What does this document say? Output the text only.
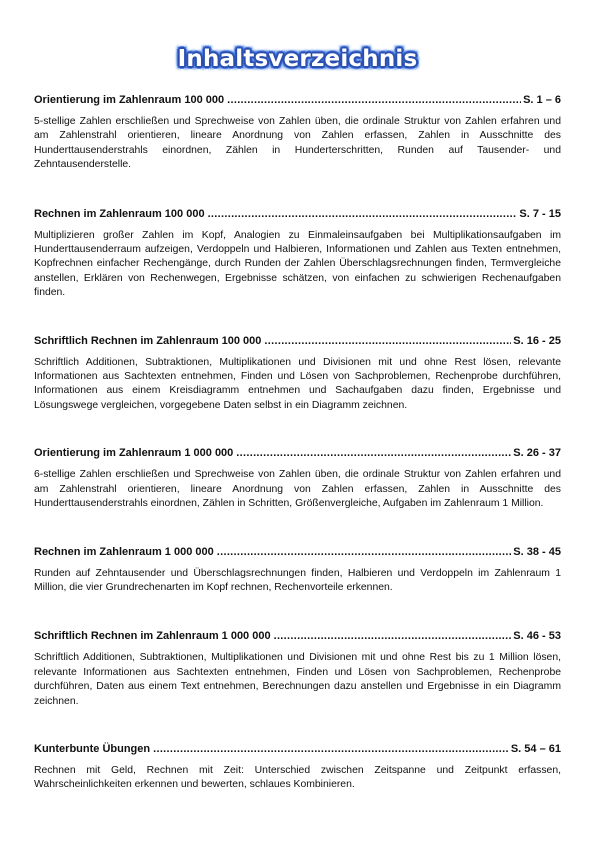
Inhaltsverzeichnis
Orientierung im Zahlenraum 100 000 .....	S. 1 – 6
5-stellige Zahlen erschließen und Sprechweise von Zahlen üben, die ordinale Struktur von Zahlen erfahren und am Zahlenstrahl orientieren, lineare Anordnung von Zahlen erfassen, Zahlen in Ausschnitte des Hunderttausenderstrahls einordnen, Zählen in Hunderterschritten, Runden auf Tausender- und Zehntausenderstelle.
Rechnen im Zahlenraum 100 000 .....	S. 7 - 15
Multiplizieren großer Zahlen im Kopf, Analogien zu Einmaleinsaufgaben bei Multiplikationsaufgaben im Hunderttausenderraum aufzeigen, Verdoppeln und Halbieren, Informationen und Zahlen aus Texten entnehmen, Kopfrechnen einfacher Rechengänge, durch Runden der Zahlen Überschlagsrechnungen finden, Termvergleiche anstellen, Erklären von Rechenwegen, Ergebnisse schätzen, von einfachen zu schwierigen Rechenaufgaben finden.
Schriftlich Rechnen im Zahlenraum 100 000 .....	S. 16 - 25
Schriftlich Additionen, Subtraktionen, Multiplikationen und Divisionen mit und ohne Rest lösen, relevante Informationen aus Sachtexten entnehmen, Finden und Lösen von Sachproblemen, Rechenprobe durchführen, Informationen aus einem Kreisdiagramm entnehmen und Sachaufgaben dazu finden, Ergebnisse und Lösungswege vergleichen, vorgegebene Daten selbst in ein Diagramm zeichnen.
Orientierung im Zahlenraum 1 000 000 .....	S. 26 - 37
6-stellige Zahlen erschließen und Sprechweise von Zahlen üben, die ordinale Struktur von Zahlen erfahren und am Zahlenstrahl orientieren, lineare Anordnung von Zahlen erfassen, Zahlen in Ausschnitte des Hunderttausenderstrahls einordnen, Zählen in Schritten, Größenvergleiche, Aufgaben im Zahlenraum 1 Million.
Rechnen im Zahlenraum 1 000 000 .....	S. 38 - 45
Runden auf Zehntausender und Überschlagsrechnungen finden, Halbieren und Verdoppeln im Zahlenraum 1 Million, die vier Grundrechenarten im Kopf rechnen, Rechenvorteile erkennen.
Schriftlich Rechnen im Zahlenraum 1 000 000 .....	S. 46 - 53
Schriftlich Additionen, Subtraktionen, Multiplikationen und Divisionen mit und ohne Rest bis zu 1 Million lösen, relevante Informationen aus Sachtexten entnehmen, Finden und Lösen von Sachproblemen, Rechenprobe durchführen, Daten aus einem Text entnehmen, Berechnungen dazu anstellen und Ergebnisse in ein Diagramm zeichnen.
Kunterbunte Übungen .....	S. 54 – 61
Rechnen mit Geld, Rechnen mit Zeit: Unterschied zwischen Zeitspanne und Zeitpunkt erfassen, Wahrscheinlichkeiten erkennen und bewerten, schlaues Kombinieren.
